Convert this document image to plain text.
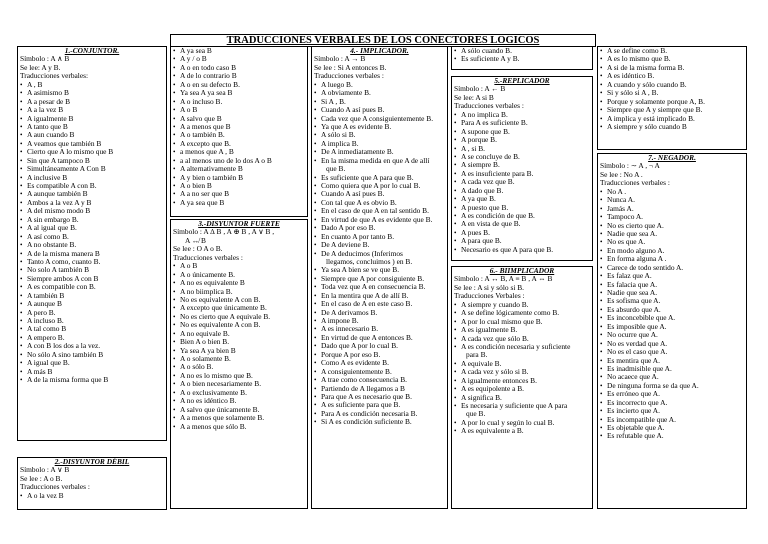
TRADUCCIONES VERBALES DE LOS CONECTORES LOGICOS
1.-CONJUNTOR.
Símbolo : A ∧ B
Se lee: A y B.
Traducciones verbales:
• A , B
• A asimismo B
• A a pesar de B
• A a la vez B
• A igualmente B
• A tanto que B
• A aun cuando B
• A veamos que también B
• Cierto que A lo mismo que B
• Sin que A tampoco B
• Simultáneamente A Con B
• A inclusive B
• Es compatible A con B.
• A aunque también B
• Ambos a la vez A y B
• A del mismo modo B
• A sin embargo B.
• A al igual que B.
• A así como B.
• A no obstante B.
• A de la misma manera B
• Tanto A como, cuanto B.
• No solo A también B
• Siempre ambos A con B
• A es compatible con B.
• A también B
• A aunque B
• A pero B.
• A incluso B.
• A tal como B
• A empero B.
• A con B los dos a la vez.
• No sólo A sino también B
• A igual que B.
• A más B
• A de la misma forma que B
2.-DISYUNTOR DÉBIL
Símbolo : A ∨ B
Se lee : A o B.
Traducciones verbales :
• A o la vez B
• A ya sea B
• A y / o B
• A o en todo caso B
• A de lo contrario B
• A o en su defecto B.
• Ya sea A ya sea B
• A o incluso B.
• A o B
• A salvo que B
• A a menos que B
• A o también B.
• A excepto que B.
• a menos que A , B
• a al menos uno de lo dos A o B
• A alternativamente B
• A y bien o también B
• A o bien B
• A a no ser que B
• A ya sea que B
3.-DISYUNTOR FUERTE
Símbolo : A ∆ B , A ⊕ B , A ∨ B ,
A ↮ B
Se lee : O A o B.
Traducciones verbales :
• A o B
• A o únicamente B.
• A no es equivalente B
• A no biimplica B.
• No es equivalente A con B.
• A excepto que únicamente B.
• No es cierto que A equivale B.
• No es equivalente A con B.
• A no equivale B.
• Bien A o bien B.
• Ya sea A ya bien B
• A o solamente B.
• A o sólo B.
• A no es lo mismo que B.
• A o bien necesariamente B.
• A o exclusivamente B.
• A no es idéntico B.
• A salvo que únicamente B.
• A a menos que solamente B.
• A a menos que sólo B.
4.- IMPLICADOR.
Símbolo : A → B
Se lee : Si A entonces B.
Traducciones verbales :
• A luego B.
• A obviamente B.
• Si A , B.
• Cuando A así pues B.
• Cada vez que A consiguientemente B.
• Ya que A es evidente B.
• A sólo si B.
• A implica B.
• De A inmediatamente B.
• En la misma medida en que A de allí
que B.
• Es suficiente que A para que B.
• Como quiera que A por lo cual B.
• Cuando A así pues B.
• Con tal que A es obvio B.
• En el caso de que A en tal sentido B.
• En virtud de que A es evidente que B.
• Dado A por eso B.
• En cuanto A por tanto B.
• De A deviene B.
• De A deducimos (Inferimos
llegamos, concluimos ) en B.
• Ya sea A bien se ve que B.
• Siempre que A por consiguiente B.
• Toda vez que A en consecuencia B.
• En la mentira que A de allí B.
• En el caso de A en este caso B.
• De A derivamos B.
• A impone B.
• A es innecesario B.
• En virtud de que A entonces B.
• Dado que A por lo cual B.
• Porque A por eso B.
• Como A es evidente B.
• A consiguientemente B.
• A trae como consecuencia B.
• Partiendo de A llegamos a B
• Para que A es necesario que B.
• A es suficiente para que B.
• Para A es condición necesaria B.
• Si A es condición suficiente B.
• A sólo cuando B.
• Es suficiente A y B.
5.-REPLICADOR
Símbolo : A ← B
Se lee: A si B
Traducciones verbales :
• A no implica B.
• Para A es suficiente B.
• A supone que B.
• A porque B.
• A , si B.
• A se concluye de B.
• A siempre B.
• A es insuficiente para B.
• A cada vez que B.
• A dado que B.
• A ya que B.
• A puesto que B.
• A es condición de que B.
• A en vista de que B.
• A pues B.
• A para que B.
• Necesario es que A para que B.
6.- BIIMPLICADOR
Símbolo : A ↔ B, A ≡ B , A ⇔ B
Se lee : A si y sólo si B.
Traducciones Verbales :
• A siempre y cuando B.
• A se define lógicamente como B.
• A por lo cual mismo que B.
• A es igualmente B.
• A cada vez que sólo B.
• A es condición necesaria y suficiente
para B.
• A equivale B.
• A cada vez y sólo si B.
• A igualmente entonces B.
• A es equipolente a B.
• A significa B.
• Es necesaria y suficiente que A para
que B.
• A por lo cual y según lo cual B.
• A es equivalente a B.
• A se define como B.
• A es lo mismo que B.
• A si de la misma forma B.
• A es idéntico B.
• A cuando y sólo cuando B.
• Si y sólo si A , B.
• Porque y solamente porque A, B.
• Siempre que A y siempre que B.
• A implica y está implicado B.
• A siempre y sólo cuando B
7.- NEGADOR.
Símbolo : ∼ A , ¬ A
Se lee : No A .
Traducciones verbales :
• No A .
• Nunca A.
• Jamás A.
• Tampoco A.
• No es cierto que A.
• Nadie que sea A.
• No es que A.
• En modo alguno A.
• En forma alguna A .
• Carece de todo sentido A.
• Es falaz que A.
• Es falacia que A.
• Nadie que sea A.
• Es sofisma que A.
• Es absurdo que A.
• Es inconcebible que A.
• Es imposible que A.
• No ocurre que A.
• No es verdad que A.
• No es el caso que A.
• Es mentira que A.
• Es inadmisible que A.
• No acaece que A.
• De ninguna forma se da que A.
• Es erróneo que A.
• Es incorrecto que A.
• Es incierto que A.
• Es incompatible que A.
• Es objetable que A.
• Es refutable que A.
